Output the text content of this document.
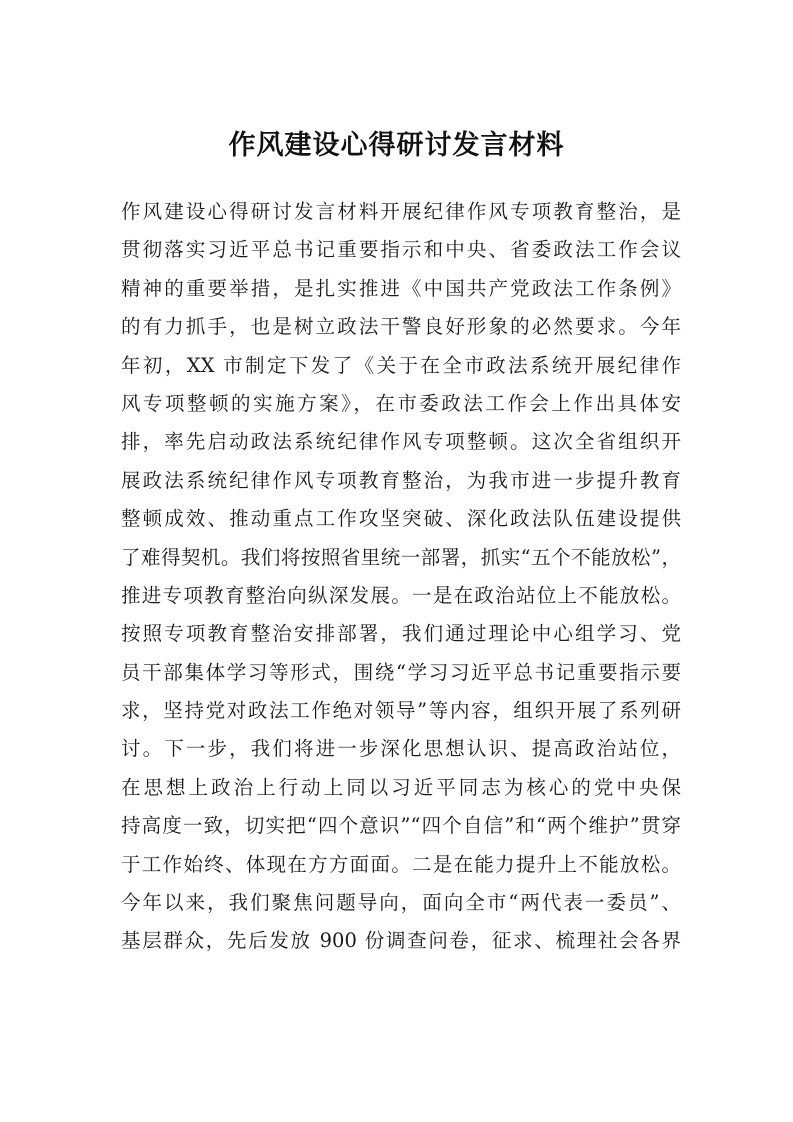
作风建设心得研讨发言材料
作风建设心得研讨发言材料开展纪律作风专项教育整治，是
贯彻落实习近平总书记重要指示和中央、省委政法工作会议
精神的重要举措，是扎实推进《中国共产党政法工作条例》
的有力抓手，也是树立政法干警良好形象的必然要求。今年
年初，XX 市制定下发了《关于在全市政法系统开展纪律作
风专项整顿的实施方案》，在市委政法工作会上作出具体安
排，率先启动政法系统纪律作风专项整顿。这次全省组织开
展政法系统纪律作风专项教育整治，为我市进一步提升教育
整顿成效、推动重点工作攻坚突破、深化政法队伍建设提供
了难得契机。我们将按照省里统一部署，抓实“五个不能放松”，
推进专项教育整治向纵深发展。一是在政治站位上不能放松。
按照专项教育整治安排部署，我们通过理论中心组学习、党
员干部集体学习等形式，围绕“学习习近平总书记重要指示要
求，坚持党对政法工作绝对领导”等内容，组织开展了系列研
讨。下一步，我们将进一步深化思想认识、提高政治站位，
在思想上政治上行动上同以习近平同志为核心的党中央保
持高度一致，切实把“四个意识”“四个自信”和“两个维护”贯穿
于工作始终、体现在方方面面。二是在能力提升上不能放松。
今年以来，我们聚焦问题导向，面向全市“两代表一委员”、
基层群众，先后发放 900 份调查问卷，征求、梳理社会各界
